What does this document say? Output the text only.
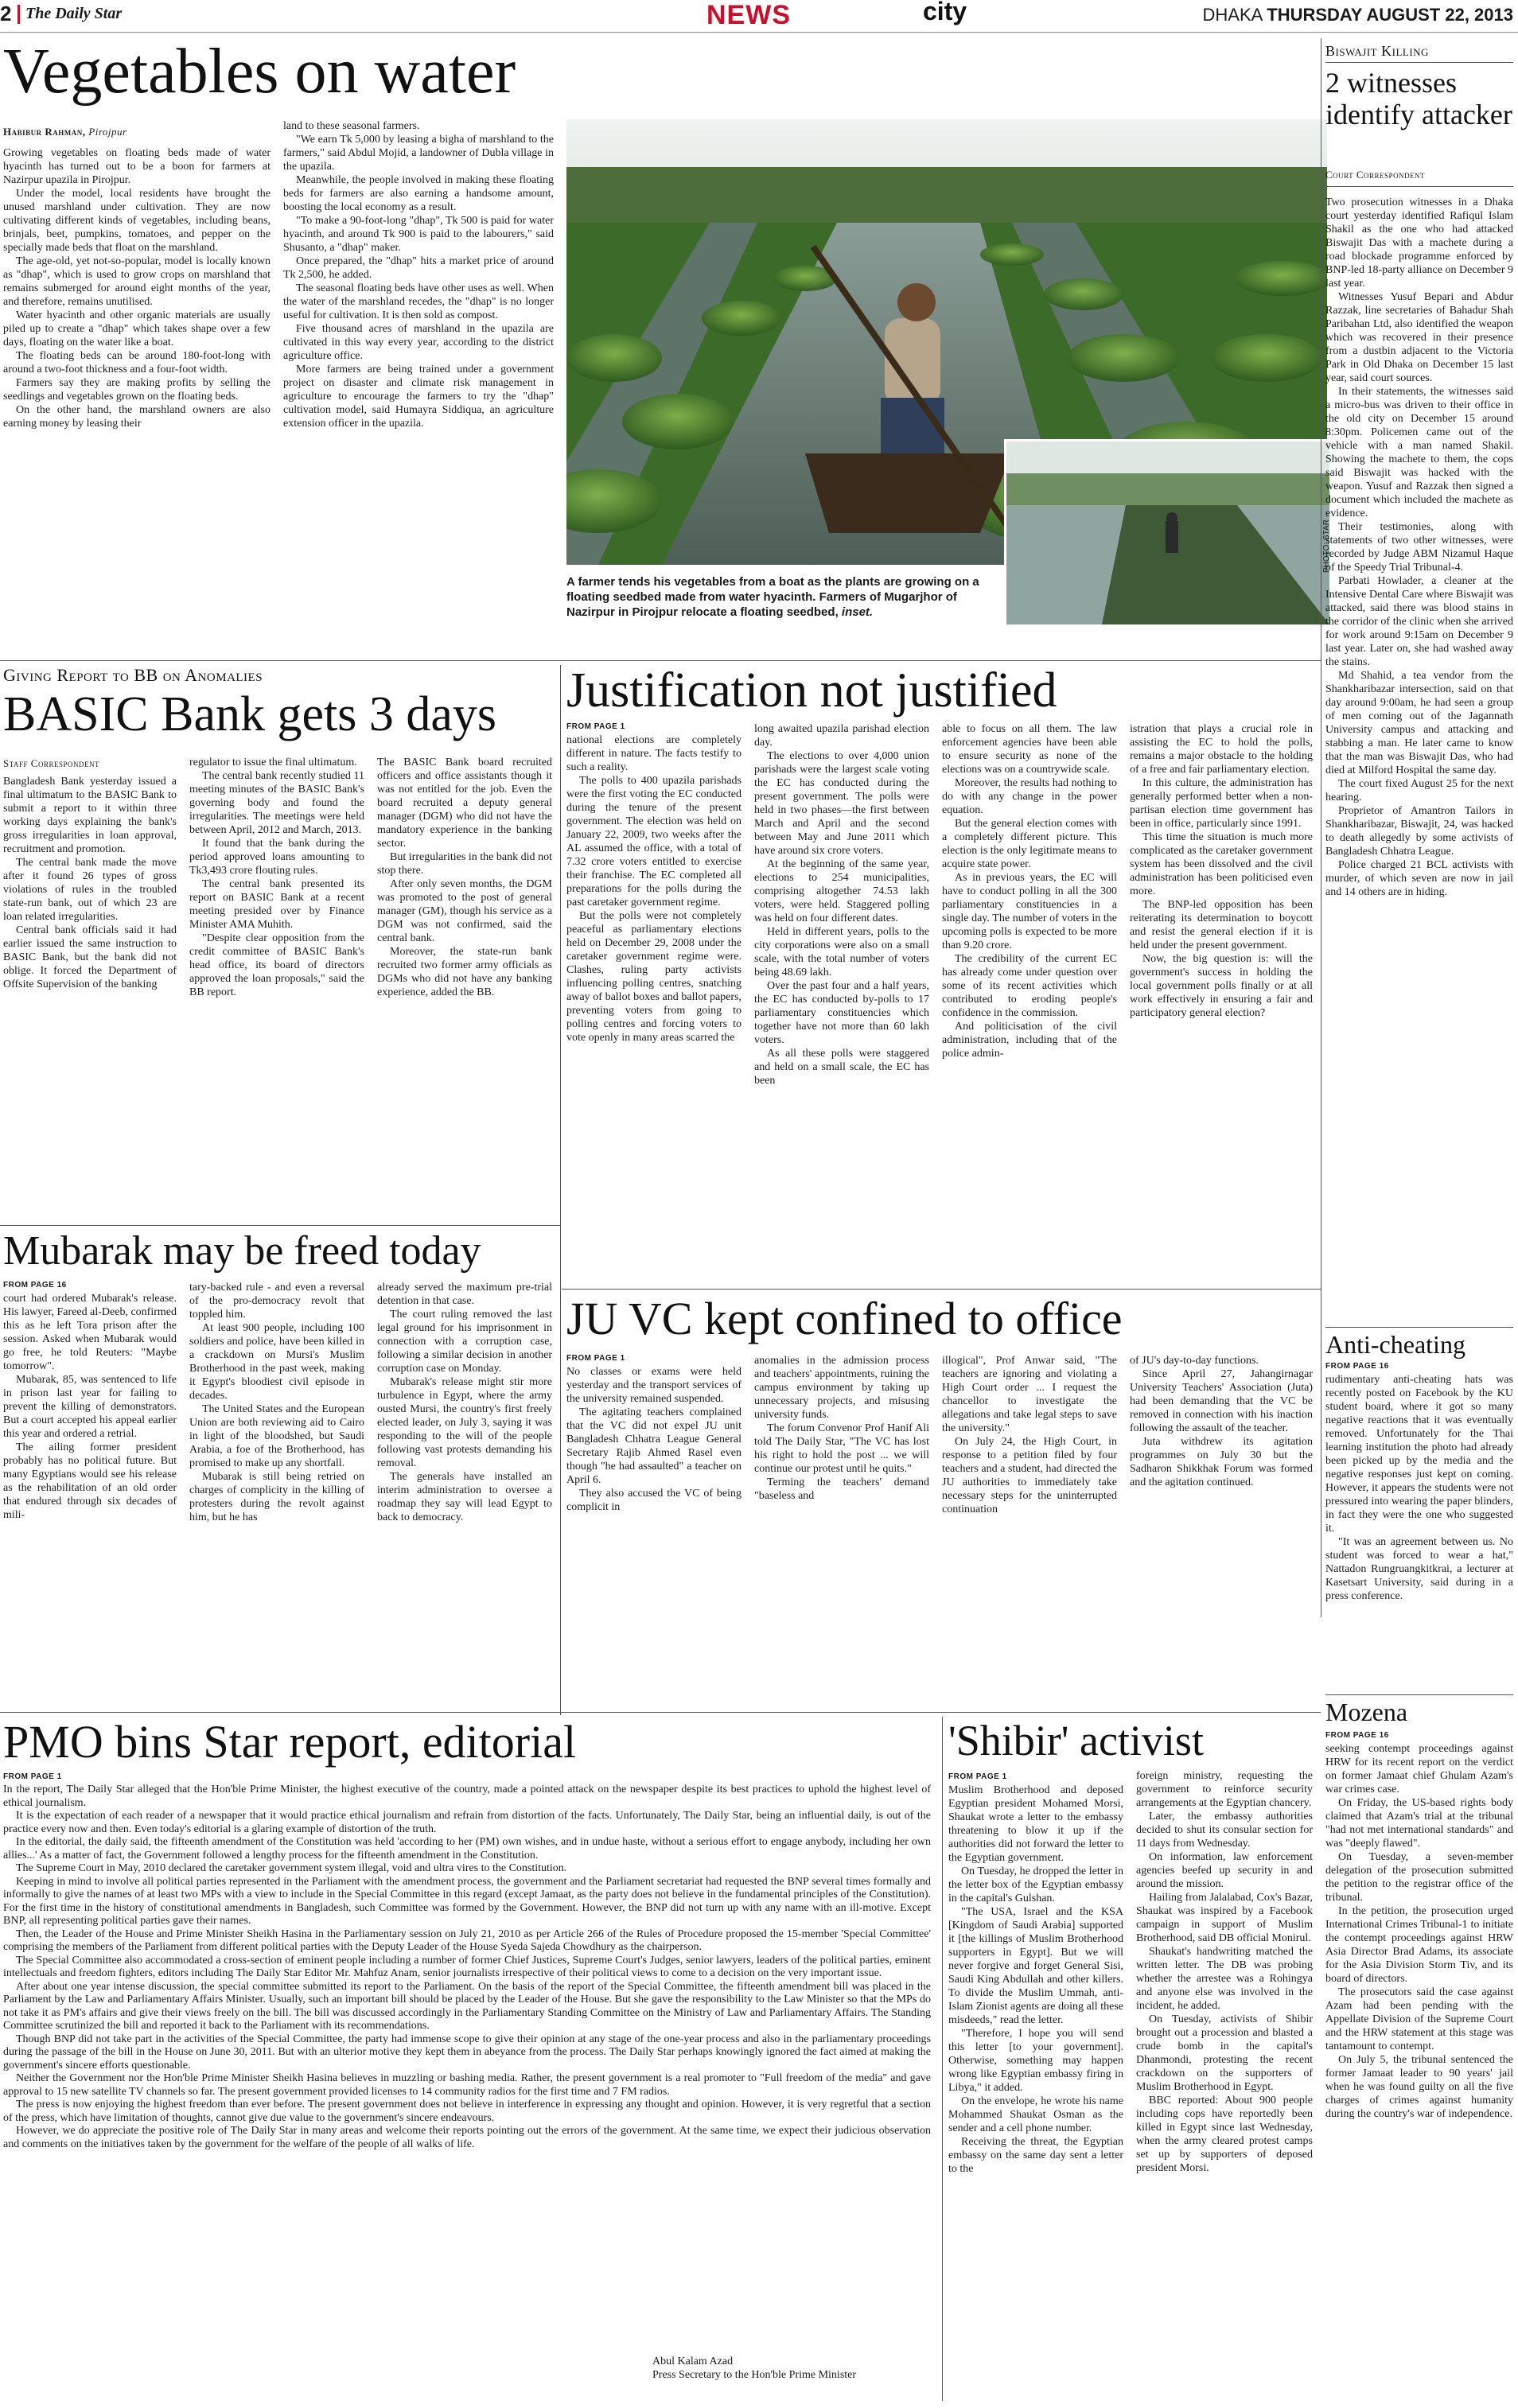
2 The Daily Star	NEWS	city	DHAKA THURSDAY AUGUST 22, 2013
Vegetables on water
Habibur Rahman, Pirojpur

Growing vegetables on floating beds made of water hyacinth has turned out to be a boon for farmers at Nazirpur upazila in Pirojpur.

Under the model, local residents have brought the unused marshland under cultivation. They are now cultivating different kinds of vegetables, including beans, brinjals, beet, pumpkins, tomatoes, and pepper on the specially made beds that float on the marshland.

The age-old, yet not-so-popular, model is locally known as "dhap", which is used to grow crops on marshland that remains submerged for around eight months of the year, and therefore, remains unutilised.

Water hyacinth and other organic materials are usually piled up to create a "dhap" which takes shape over a few days, floating on the water like a boat.

The floating beds can be around 180-foot-long with around a two-foot thickness and a four-foot width.

Farmers say they are making profits by selling the seedlings and vegetables grown on the floating beds.

On the other hand, the marshland owners are also earning money by leasing their

land to these seasonal farmers.

"We earn Tk 5,000 by leasing a bigha of marshland to the farmers," said Abdul Mojid, a landowner of Dubla village in the upazila.

Meanwhile, the people involved in making these floating beds for farmers are also earning a handsome amount, boosting the local economy as a result.

"To make a 90-foot-long "dhap", Tk 500 is paid for water hyacinth, and around Tk 900 is paid to the labourers," said Shusanto, a "dhap" maker.

Once prepared, the "dhap" hits a market price of around Tk 2,500, he added.

The seasonal floating beds have other uses as well. When the water of the marshland recedes, the "dhap" is no longer useful for cultivation. It is then sold as compost.

Five thousand acres of marshland in the upazila are cultivated in this way every year, according to the district agriculture office.

More farmers are being trained under a government project on disaster and climate risk management in agriculture to encourage the farmers to try the "dhap" cultivation model, said Humayra Siddiqua, an agriculture extension officer in the upazila.

PHOTO: STAR
A farmer tends his vegetables from a boat as the plants are growing on a floating seedbed made from water hyacinth. Farmers of Mugarjhor of Nazirpur in Pirojpur relocate a floating seedbed, inset.
Biswajit Killing
2 witnesses identify attacker
Court Correspondent

Two prosecution witnesses in a Dhaka court yesterday identified Rafiqul Islam Shakil as the one who had attacked Biswajit Das with a machete during a road blockade programme enforced by BNP-led 18-party alliance on December 9 last year.

Witnesses Yusuf Bepari and Abdur Razzak, line secretaries of Bahadur Shah Paribahan Ltd, also identified the weapon which was recovered in their presence from a dustbin adjacent to the Victoria Park in Old Dhaka on December 15 last year, said court sources.

In their statements, the witnesses said a micro-bus was driven to their office in the old city on December 15 around 8:30pm. Policemen came out of the vehicle with a man named Shakil. Showing the machete to them, the cops said Biswajit was hacked with the weapon. Yusuf and Razzak then signed a document which included the machete as evidence.

Their testimonies, along with statements of two other witnesses, were recorded by Judge ABM Nizamul Haque of the Speedy Trial Tribunal-4.

Parbati Howlader, a cleaner at the Intensive Dental Care where Biswajit was attacked, said there was blood stains in the corridor of the clinic when she arrived for work around 9:15am on December 9 last year. Later on, she had washed away the stains.

Md Shahid, a tea vendor from the Shankharibazar intersection, said on that day around 9:00am, he had seen a group of men coming out of the Jagannath University campus and attacking and stabbing a man. He later came to know that the man was Biswajit Das, who had died at Milford Hospital the same day.

The court fixed August 25 for the next hearing.

Proprietor of Amantron Tailors in Shankharibazar, Biswajit, 24, was hacked to death allegedly by some activists of Bangladesh Chhatra League.

Police charged 21 BCL activists with murder, of which seven are now in jail and 14 others are in hiding.

Giving Report to BB on Anomalies
BASIC Bank gets 3 days
Staff Correspondent

Bangladesh Bank yesterday issued a final ultimatum to the BASIC Bank to submit a report to it within three working days explaining the bank's gross irregularities in loan approval, recruitment and promotion.

The central bank made the move after it found 26 types of gross violations of rules in the troubled state-run bank, out of which 23 are loan related irregularities.

Central bank officials said it had earlier issued the same instruction to BASIC Bank, but the bank did not oblige. It forced the Department of Offsite Supervision of the banking

regulator to issue the final ultimatum.

The central bank recently studied 11 meeting minutes of the BASIC Bank's governing body and found the irregularities. The meetings were held between April, 2012 and March, 2013.

It found that the bank during the period approved loans amounting to Tk3,493 crore flouting rules.

The central bank presented its report on BASIC Bank at a recent meeting presided over by Finance Minister AMA Muhith.

"Despite clear opposition from the credit committee of BASIC Bank's head office, its board of directors approved the loan proposals," said the BB report.

The BASIC Bank board recruited officers and office assistants though it was not entitled for the job. Even the board recruited a deputy general manager (DGM) who did not have the mandatory experience in the banking sector.

But irregularities in the bank did not stop there.

After only seven months, the DGM was promoted to the post of general manager (GM), though his service as a DGM was not confirmed, said the central bank.

Moreover, the state-run bank recruited two former army officials as DGMs who did not have any banking experience, added the BB.

Justification not justified
FROM PAGE 1

national elections are completely different in nature. The facts testify to such a reality.

The polls to 400 upazila parishads were the first voting the EC conducted during the tenure of the present government. The election was held on January 22, 2009, two weeks after the AL assumed the office, with a total of 7.32 crore voters entitled to exercise their franchise. The EC completed all preparations for the polls during the past caretaker government regime.

But the polls were not completely peaceful as parliamentary elections held on December 29, 2008 under the caretaker government regime were. Clashes, ruling party activists influencing polling centres, snatching away of ballot boxes and ballot papers, preventing voters from going to polling centres and forcing voters to vote openly in many areas scarred the

long awaited upazila parishad election day.

The elections to over 4,000 union parishads were the largest scale voting the EC has conducted during the present government. The polls were held in two phases—the first between March and April and the second between May and June 2011 which have around six crore voters.

At the beginning of the same year, elections to 254 municipalities, comprising altogether 74.53 lakh voters, were held. Staggered polling was held on four different dates.

Held in different years, polls to the city corporations were also on a small scale, with the total number of voters being 48.69 lakh.

Over the past four and a half years, the EC has conducted by-polls to 17 parliamentary constituencies which together have not more than 60 lakh voters.

As all these polls were staggered and held on a small scale, the EC has been

able to focus on all them. The law enforcement agencies have been able to ensure security as none of the elections was on a countrywide scale.

Moreover, the results had nothing to do with any change in the power equation.

But the general election comes with a completely different picture. This election is the only legitimate means to acquire state power.

As in previous years, the EC will have to conduct polling in all the 300 parliamentary constituencies in a single day. The number of voters in the upcoming polls is expected to be more than 9.20 crore.

The credibility of the current EC has already come under question over some of its recent activities which contributed to eroding people's confidence in the commission.

And politicisation of the civil administration, including that of the police admin-

istration that plays a crucial role in assisting the EC to hold the polls, remains a major obstacle to the holding of a free and fair parliamentary election.

In this culture, the administration has generally performed better when a non-partisan election time government has been in office, particularly since 1991.

This time the situation is much more complicated as the caretaker government system has been dissolved and the civil administration has been politicised even more.

The BNP-led opposition has been reiterating its determination to boycott and resist the general election if it is held under the present government.

Now, the big question is: will the government's success in holding the local government polls finally or at all work effectively in ensuring a fair and participatory general election?

Mubarak may be freed today
FROM PAGE 16

court had ordered Mubarak's release. His lawyer, Fareed al-Deeb, confirmed this as he left Tora prison after the session. Asked when Mubarak would go free, he told Reuters: "Maybe tomorrow".

Mubarak, 85, was sentenced to life in prison last year for failing to prevent the killing of demonstrators. But a court accepted his appeal earlier this year and ordered a retrial.

The ailing former president probably has no political future. But many Egyptians would see his release as the rehabilitation of an old order that endured through six decades of mili-

tary-backed rule - and even a reversal of the pro-democracy revolt that toppled him.

At least 900 people, including 100 soldiers and police, have been killed in a crackdown on Mursi's Muslim Brotherhood in the past week, making it Egypt's bloodiest civil episode in decades.

The United States and the European Union are both reviewing aid to Cairo in light of the bloodshed, but Saudi Arabia, a foe of the Brotherhood, has promised to make up any shortfall.

Mubarak is still being retried on charges of complicity in the killing of protesters during the revolt against him, but he has

already served the maximum pre-trial detention in that case.

The court ruling removed the last legal ground for his imprisonment in connection with a corruption case, following a similar decision in another corruption case on Monday.

Mubarak's release might stir more turbulence in Egypt, where the army ousted Mursi, the country's first freely elected leader, on July 3, saying it was responding to the will of the people following vast protests demanding his removal.

The generals have installed an interim administration to oversee a roadmap they say will lead Egypt to back to democracy.

JU VC kept confined to office
FROM PAGE 1

No classes or exams were held yesterday and the transport services of the university remained suspended.

The agitating teachers complained that the VC did not expel JU unit Bangladesh Chhatra League General Secretary Rajib Ahmed Rasel even though "he had assaulted" a teacher on April 6.

They also accused the VC of being complicit in

anomalies in the admission process and teachers' appointments, ruining the campus environment by taking up unnecessary projects, and misusing university funds.

The forum Convenor Prof Hanif Ali told The Daily Star, "The VC has lost his right to hold the post ... we will continue our protest until he quits."

Terming the teachers' demand "baseless and

illogical", Prof Anwar said, "The teachers are ignoring and violating a High Court order ... I request the chancellor to investigate the allegations and take legal steps to save the university."

On July 24, the High Court, in response to a petition filed by four teachers and a student, had directed the JU authorities to immediately take necessary steps for the uninterrupted continuation

of JU's day-to-day functions.

Since April 27, Jahangirnagar University Teachers' Association (Juta) had been demanding that the VC be removed in connection with his inaction following the assault of the teacher.

Juta withdrew its agitation programmes on July 30 but the Sadharon Shikkhak Forum was formed and the agitation continued.

Anti-cheating
FROM PAGE 16

rudimentary anti-cheating hats was recently posted on Facebook by the KU student board, where it got so many negative reactions that it was eventually removed. Unfortunately for the Thai learning institution the photo had already been picked up by the media and the negative responses just kept on coming. However, it appears the students were not pressured into wearing the paper blinders, in fact they were the one who suggested it.

"It was an agreement between us. No student was forced to wear a hat," Nattadon Rungruangkitkrai, a lecturer at Kasetsart University, said during in a press conference.

PMO bins Star report, editorial
FROM PAGE 1

In the report, The Daily Star alleged that the Hon'ble Prime Minister, the highest executive of the country, made a pointed attack on the newspaper despite its best practices to uphold the highest level of ethical journalism.

It is the expectation of each reader of a newspaper that it would practice ethical journalism and refrain from distortion of the facts. Unfortunately, The Daily Star, being an influential daily, is out of the practice every now and then. Even today's editorial is a glaring example of distortion of the truth.

In the editorial, the daily said, the fifteenth amendment of the Constitution was held 'according to her (PM) own wishes, and in undue haste, without a serious effort to engage anybody, including her own allies...' As a matter of fact, the Government followed a lengthy process for the fifteenth amendment in the Constitution.

The Supreme Court in May, 2010 declared the caretaker government system illegal, void and ultra vires to the Constitution.

Keeping in mind to involve all political parties represented in the Parliament with the amendment process, the government and the Parliament secretariat had requested the BNP several times formally and informally to give the names of at least two MPs with a view to include in the Special Committee in this regard (except Jamaat, as the party does not believe in the fundamental principles of the Constitution). For the first time in the history of constitutional amendments in Bangladesh, such Committee was formed by the Government. However, the BNP did not turn up with any name with an ill-motive. Except BNP, all representing political parties gave their names.

Then, the Leader of the House and Prime Minister Sheikh Hasina in the Parliamentary session on July 21, 2010 as per Article 266 of the Rules of Procedure proposed the 15-member 'Special Committee' comprising the members of the Parliament from different political parties with the Deputy Leader of the House Syeda Sajeda Chowdhury as the chairperson.

The Special Committee also accommodated a cross-section of eminent people including a number of former Chief Justices, Supreme Court's Judges, senior lawyers, leaders of the political parties, eminent intellectuals and freedom fighters, editors including The Daily Star Editor Mr. Mahfuz Anam, senior journalists irrespective of their political views to come to a decision on the very important issue.

After about one year intense discussion, the special committee submitted its report to the Parliament. On the basis of the report of the Special Committee, the fifteenth amendment bill was placed in the Parliament by the Law and Parliamentary Affairs Minister. Usually, such an important bill should be placed by the Leader of the House. But she gave the responsibility to the Law Minister so that the MPs do not take it as PM's affairs and give their views freely on the bill. The bill was discussed accordingly in the Parliamentary Standing Committee on the Ministry of Law and Parliamentary Affairs. The Standing Committee scrutinized the bill and reported it back to the Parliament with its recommendations.

Though BNP did not take part in the activities of the Special Committee, the party had immense scope to give their opinion at any stage of the one-year process and also in the parliamentary proceedings during the passage of the bill in the House on June 30, 2011. But with an ulterior motive they kept them in abeyance from the process. The Daily Star perhaps knowingly ignored the fact aimed at making the government's sincere efforts questionable.

Neither the Government nor the Hon'ble Prime Minister Sheikh Hasina believes in muzzling or bashing media. Rather, the present government is a real promoter to "Full freedom of the media" and gave approval to 15 new satellite TV channels so far. The present government provided licenses to 14 community radios for the first time and 7 FM radios.

The press is now enjoying the highest freedom than ever before. The present government does not believe in interference in expressing any thought and opinion. However, it is very regretful that a section of the press, which have limitation of thoughts, cannot give due value to the government's sincere endeavours.

However, we do appreciate the positive role of The Daily Star in many areas and welcome their reports pointing out the errors of the government. At the same time, we expect their judicious observation and comments on the initiatives taken by the government for the welfare of the people of all walks of life.

Abul Kalam Azad
Press Secretary to the Hon'ble Prime Minister
'Shibir' activist
FROM PAGE 1

Muslim Brotherhood and deposed Egyptian president Mohamed Morsi, Shaukat wrote a letter to the embassy threatening to blow it up if the authorities did not forward the letter to the Egyptian government.

On Tuesday, he dropped the letter in the letter box of the Egyptian embassy in the capital's Gulshan.

"The USA, Israel and the KSA [Kingdom of Saudi Arabia] supported it [the killings of Muslim Brotherhood supporters in Egypt]. But we will never forgive and forget General Sisi, Saudi King Abdullah and other killers. To divide the Muslim Ummah, anti-Islam Zionist agents are doing all these misdeeds," read the letter.

"Therefore, I hope you will send this letter [to your government]. Otherwise, something may happen wrong like Egyptian embassy firing in Libya," it added.

On the envelope, he wrote his name Mohammed Shaukat Osman as the sender and a cell phone number.

Receiving the threat, the Egyptian embassy on the same day sent a letter to the

foreign ministry, requesting the government to reinforce security arrangements at the Egyptian chancery.

Later, the embassy authorities decided to shut its consular section for 11 days from Wednesday.

On information, law enforcement agencies beefed up security in and around the mission.

Hailing from Jalalabad, Cox's Bazar, Shaukat was inspired by a Facebook campaign in support of Muslim Brotherhood, said DB official Monirul.

Shaukat's handwriting matched the written letter. The DB was probing whether the arrestee was a Rohingya and anyone else was involved in the incident, he added.

On Tuesday, activists of Shibir brought out a procession and blasted a crude bomb in the capital's Dhanmondi, protesting the recent crackdown on the supporters of Muslim Brotherhood in Egypt.

BBC reported: About 900 people including cops have reportedly been killed in Egypt since last Wednesday, when the army cleared protest camps set up by supporters of deposed president Morsi.

Mozena
FROM PAGE 16

seeking contempt proceedings against HRW for its recent report on the verdict on former Jamaat chief Ghulam Azam's war crimes case.

On Friday, the US-based rights body claimed that Azam's trial at the tribunal "had not met international standards" and was "deeply flawed".

On Tuesday, a seven-member delegation of the prosecution submitted the petition to the registrar office of the tribunal.

In the petition, the prosecution urged International Crimes Tribunal-1 to initiate the contempt proceedings against HRW Asia Director Brad Adams, its associate for the Asia Division Storm Tiv, and its board of directors.

The prosecutors said the case against Azam had been pending with the Appellate Division of the Supreme Court and the HRW statement at this stage was tantamount to contempt.

On July 5, the tribunal sentenced the former Jamaat leader to 90 years' jail when he was found guilty on all the five charges of crimes against humanity during the country's war of independence.
